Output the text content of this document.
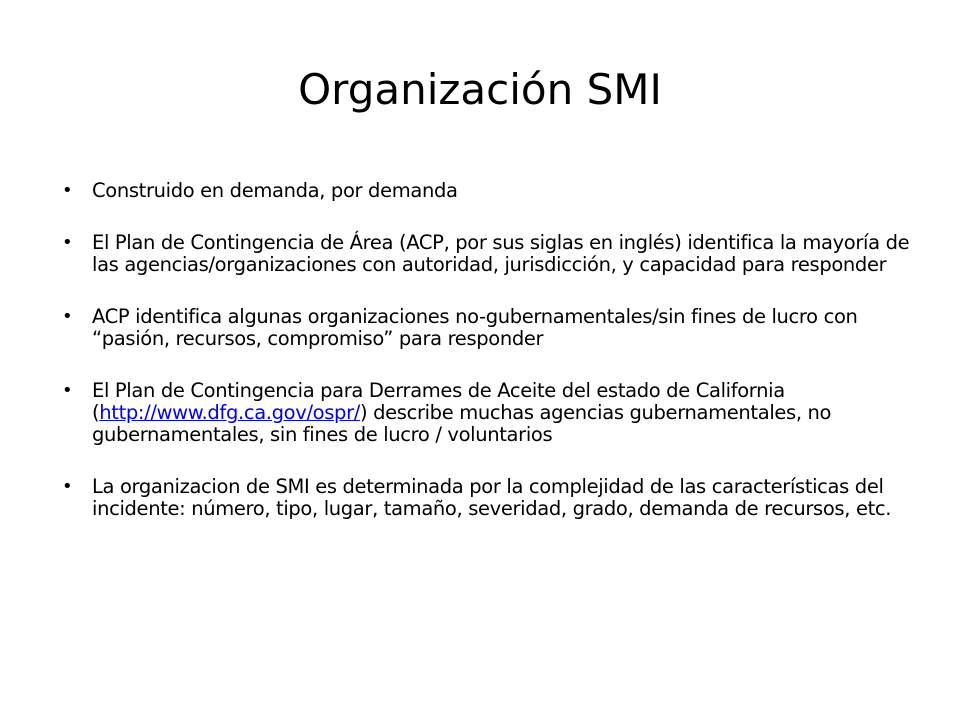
Organización SMI
• Construido en demanda, por demanda
• El Plan de Contingencia de Área (ACP, por sus siglas en inglés) identifica la mayoría de las agencias/organizaciones con autoridad, jurisdicción, y capacidad para responder
• ACP identifica algunas organizaciones no-gubernamentales/sin fines de lucro con “pasión, recursos, compromiso” para responder
• El Plan de Contingencia para Derrames de Aceite del estado de California (http://www.dfg.ca.gov/ospr/) describe muchas agencias gubernamentales, no gubernamentales, sin fines de lucro / voluntarios
• La organizacion de SMI es determinada por la complejidad de las características del incidente: número, tipo, lugar, tamaño, severidad, grado, demanda de recursos, etc.
